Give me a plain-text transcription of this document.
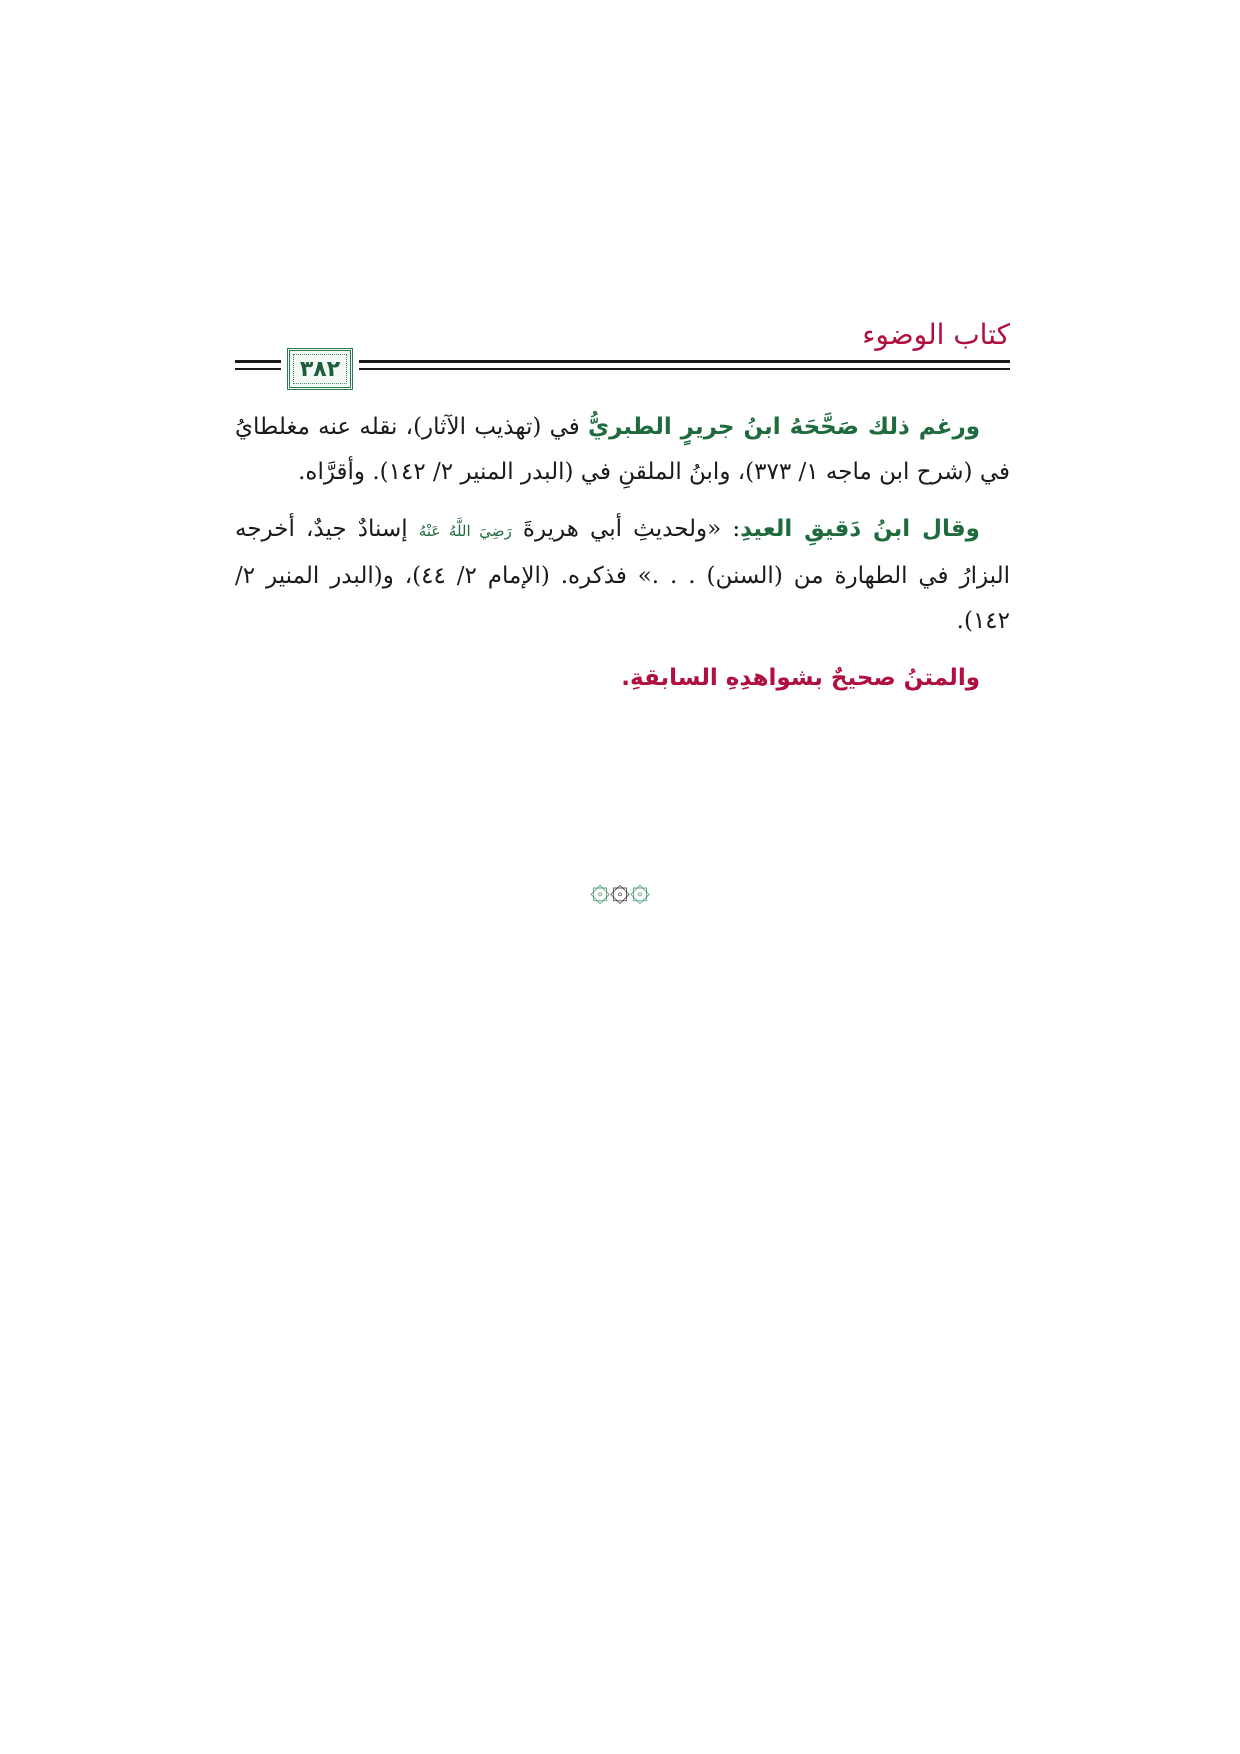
كتاب الوضوء
٣٨٢

ورغم ذلك صَحَّحَهُ ابنُ جريرٍ الطبريُّ في (تهذيب الآثار)، نقله عنه مغلطايُ في (شرح ابن ماجه ١/ ٣٧٣)، وابنُ الملقنِ في (البدر المنير ٢/ ١٤٢). وأقرَّاه.

وقال ابنُ دَقيقِ العيدِ: «ولحديثِ أبي هريرةَ رَضِيَ اللَّهُ عَنْهُ إسنادٌ جيدٌ، أخرجه البزارُ في الطهارة من (السنن) . . .» فذكره. (الإمام ٢/ ٤٤)، و(البدر المنير ٢/ ١٤٢).

والمتنُ صحيحٌ بشواهدِهِ السابقةِ.

۞۞۞
